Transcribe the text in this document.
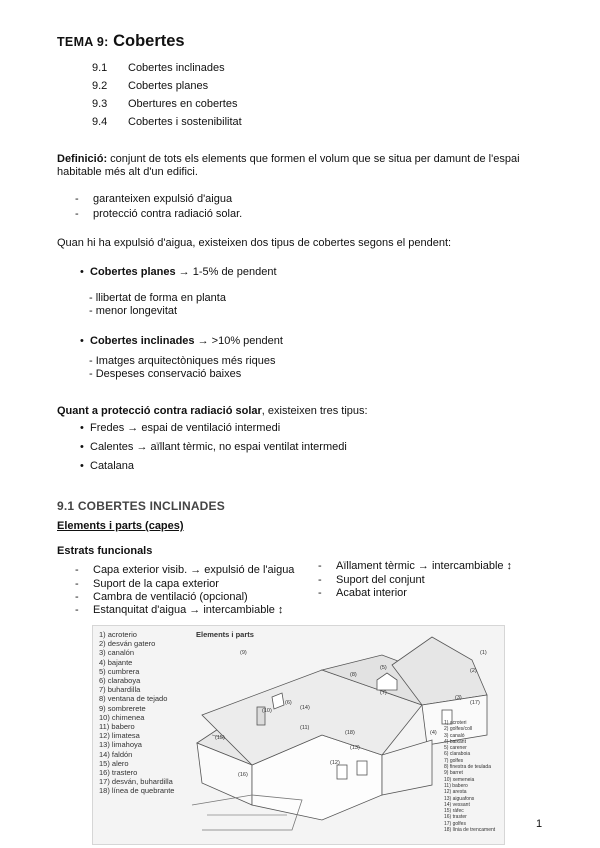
TEMA 9: Cobertes
9.1 Cobertes inclinades
9.2 Cobertes planes
9.3 Obertures en cobertes
9.4 Cobertes i sostenibilitat
Definició: conjunt de tots els elements que formen el volum que se situa per damunt de l'espai
habitable més alt d'un edifici.
- garanteixen expulsió d'aigua
- protecció contra radiació solar.
Quan hi ha expulsió d'aigua, existeixen dos tipus de cobertes segons el pendent:
• Cobertes planes → 1-5% de pendent
- llibertat de forma en planta
- menor longevitat
• Cobertes inclinades → >10% pendent
- Imatges arquitectòniques més riques
- Despeses conservació baixes
Quant a protecció contra radiació solar, existeixen tres tipus:
• Fredes → espai de ventilació intermedi
• Calentes → aïllant tèrmic, no espai ventilat intermedi
• Catalana
9.1 COBERTES INCLINADES
Elements i parts (capes)
Estrats funcionals
- Capa exterior visib. → expulsió de l'aigua
- Suport de la capa exterior
- Cambra de ventilació (opcional)
- Estanquitat d'aigua → intercambiable ↕
- Aïllament tèrmic → intercambiable ↕
- Suport del conjunt
- Acabat interior
Elements i parts
1) acroterio
2) desván gatero
3) canalón
4) bajante
5) cumbrera
6) claraboya
7) buhardilla
8) ventana de tejado
9) sombrerete
10) chimenea
11) babero
12) limatesa
13) limahoya
14) faldón
15) alero
16) trastero
17) desván, buhardilla
18) línea de quebrante
1) acroteri
2) golfes/coll
3) canaló
4) baixant
5) carener
6) claraboia
7) golfes
8) finestra de teulada
9) barret
10) xemeneia
11) babero
12) aresta
13) aiguafons
14) vessant
15) ràfec
16) traster
17) golfes
18) línia de trencament
(1)
(2)
(3)
(4)
(5)
(6)
(7)
(8)
(9)
(10)
(11)
(12)
(13)
(14)
(15)
(16)
(17)
(18)
1
